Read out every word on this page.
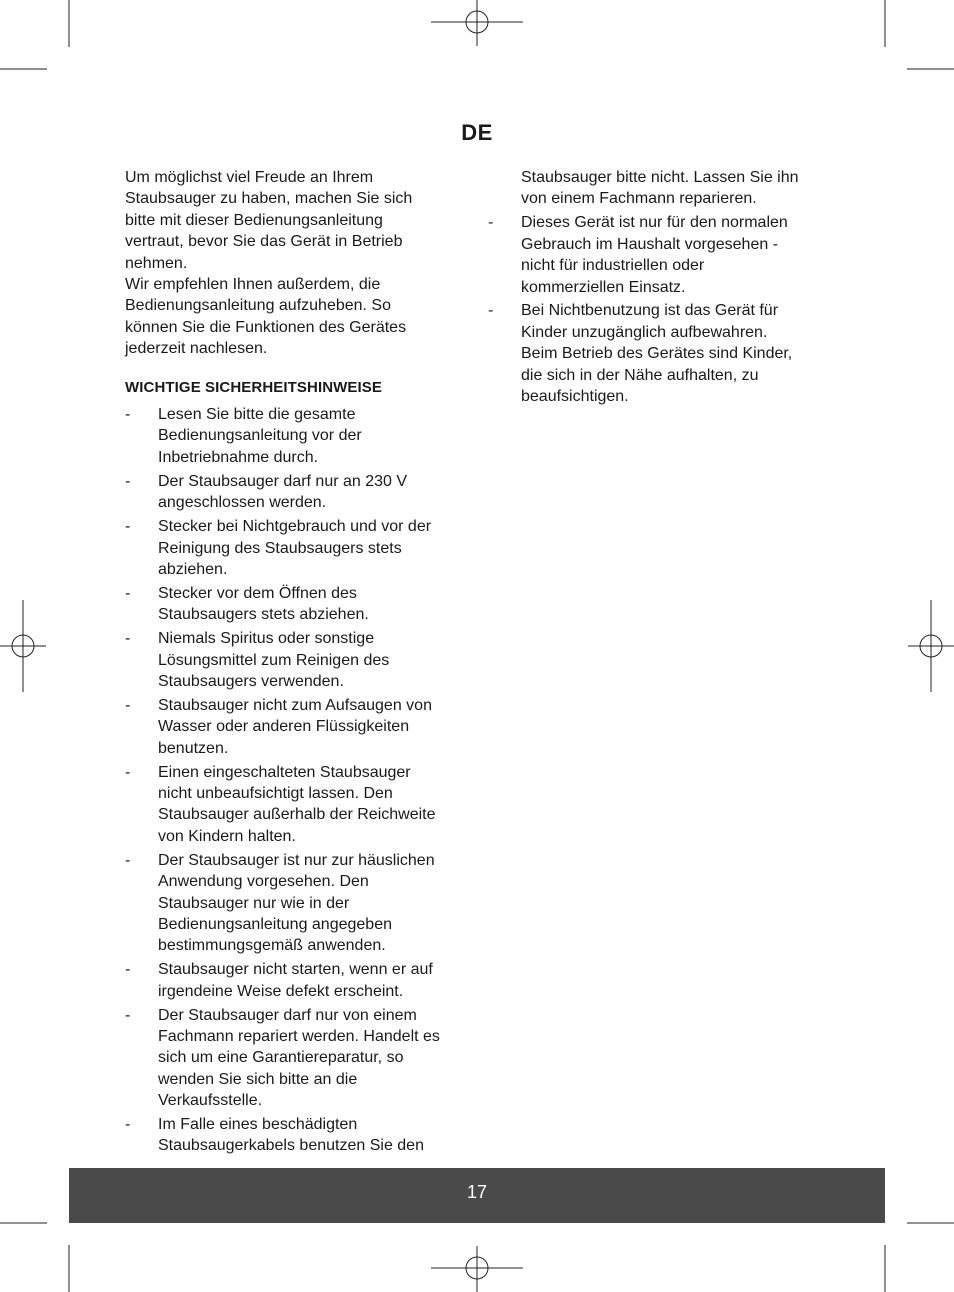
DE

Um möglichst viel Freude an Ihrem
Staubsauger zu haben, machen Sie sich
bitte mit dieser Bedienungsanleitung
vertraut, bevor Sie das Gerät in Betrieb
nehmen.
Wir empfehlen Ihnen außerdem, die
Bedienungsanleitung aufzuheben. So
können Sie die Funktionen des Gerätes
jederzeit nachlesen.

WICHTIGE SICHERHEITSHINWEISE
- Lesen Sie bitte die gesamte
Bedienungsanleitung vor der
Inbetriebnahme durch.
- Der Staubsauger darf nur an 230 V
angeschlossen werden.
- Stecker bei Nichtgebrauch und vor der
Reinigung des Staubsaugers stets
abziehen.
- Stecker vor dem Öffnen des
Staubsaugers stets abziehen.
- Niemals Spiritus oder sonstige
Lösungsmittel zum Reinigen des
Staubsaugers verwenden.
- Staubsauger nicht zum Aufsaugen von
Wasser oder anderen Flüssigkeiten
benutzen.
- Einen eingeschalteten Staubsauger
nicht unbeaufsichtigt lassen. Den
Staubsauger außerhalb der Reichweite
von Kindern halten.
- Der Staubsauger ist nur zur häuslichen
Anwendung vorgesehen. Den
Staubsauger nur wie in der
Bedienungsanleitung angegeben
bestimmungsgemäß anwenden.
- Staubsauger nicht starten, wenn er auf
irgendeine Weise defekt erscheint.
- Der Staubsauger darf nur von einem
Fachmann repariert werden. Handelt es
sich um eine Garantiereparatur, so
wenden Sie sich bitte an die
Verkaufsstelle.
- Im Falle eines beschädigten
Staubsaugerkabels benutzen Sie den
Staubsauger bitte nicht. Lassen Sie ihn
von einem Fachmann reparieren.
- Dieses Gerät ist nur für den normalen
Gebrauch im Haushalt vorgesehen -
nicht für industriellen oder
kommerziellen Einsatz.
- Bei Nichtbenutzung ist das Gerät für
Kinder unzugänglich aufbewahren.
Beim Betrieb des Gerätes sind Kinder,
die sich in der Nähe aufhalten, zu
beaufsichtigen.
17
